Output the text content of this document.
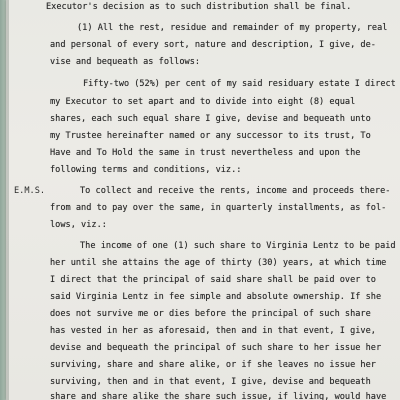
E.M.S.
Executor's decision as to such distribution shall be final.
(1) All the rest, residue and remainder of my property, real
and personal of every sort, nature and description, I give, de-
vise and bequeath as follows:
Fifty-two (52%) per cent of my said residuary estate I direct
my Executor to set apart and to divide into eight (8) equal
shares, each such equal share I give, devise and bequeath unto
my Trustee hereinafter named or any successor to its trust, To
Have and To Hold the same in trust nevertheless and upon the
following terms and conditions, viz.:
To collect and receive the rents, income and proceeds there-
from and to pay over the same, in quarterly installments, as fol-
lows, viz.:
The income of one (1) such share to Virginia Lentz to be paid
her until she attains the age of thirty (30) years, at which time
I direct that the principal of said share shall be paid over to
said Virginia Lentz in fee simple and absolute ownership. If she
does not survive me or dies before the principal of such share
has vested in her as aforesaid, then and in that event, I give,
devise and bequeath the principal of such share to her issue her
surviving, share and share alike, or if she leaves no issue her
surviving, then and in that event, I give, devise and bequeath
share and share alike the share such issue, if living, would have
